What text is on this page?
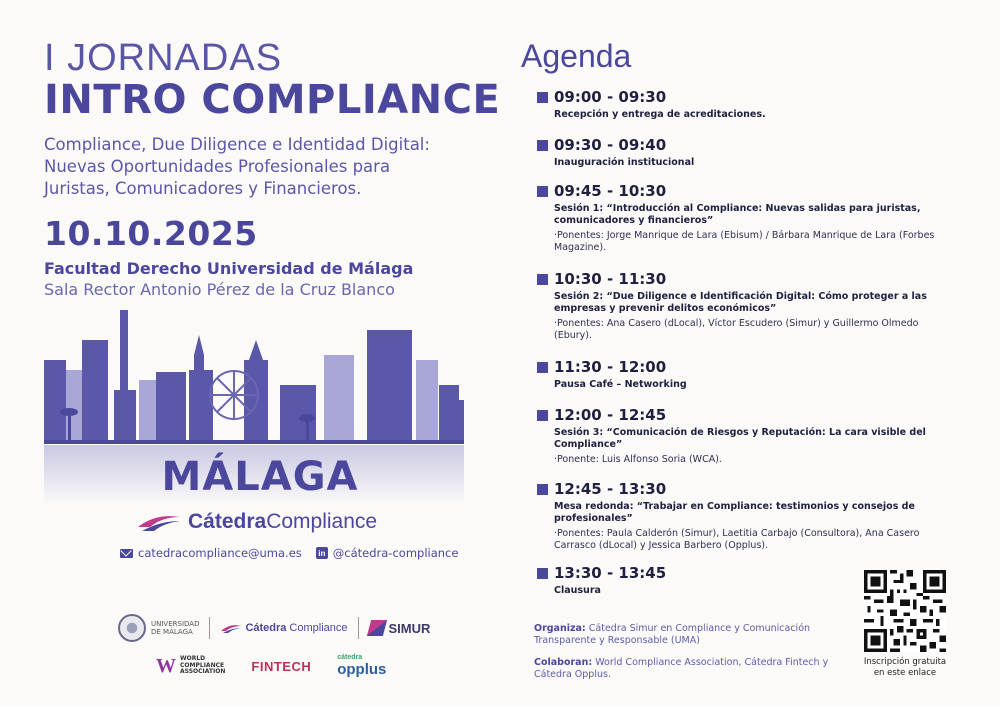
I JORNADAS
INTRO COMPLIANCE
Compliance, Due Diligence e Identidad Digital:
Nuevas Oportunidades Profesionales para
Juristas, Comunicadores y Financieros.
10.10.2025
Facultad Derecho Universidad de Málaga
Sala Rector Antonio Pérez de la Cruz Blanco
MÁLAGA
CátedraCompliance
catedracompliance@uma.es	in @cátedra-compliance
UNIVERSIDAD
DE MÁLAGA	Cátedra Compliance	SIMUR
W WORLD
COMPLIANCE
ASSOCIATION FINTECH
cátedra
opplus
Agenda
09:00 - 09:30
Recepción y entrega de acreditaciones.
09:30 - 09:40
Inauguración institucional
09:45 - 10:30
Sesión 1: “Introducción al Compliance: Nuevas salidas para juristas, comunicadores y financieros”
·Ponentes: Jorge Manrique de Lara (Ebisum) / Bárbara Manrique de Lara (Forbes Magazine).
10:30 - 11:30
Sesión 2: “Due Diligence e Identificación Digital: Cómo proteger a las empresas y prevenir delitos económicos”
·Ponentes: Ana Casero (dLocal), Víctor Escudero (Simur) y Guillermo Olmedo (Ebury).
11:30 - 12:00
Pausa Café – Networking
12:00 - 12:45
Sesión 3: “Comunicación de Riesgos y Reputación: La cara visible del Compliance”
·Ponente: Luis Alfonso Soria (WCA).
12:45 - 13:30
Mesa redonda: “Trabajar en Compliance: testimonios y consejos de profesionales”
·Ponentes: Paula Calderón (Simur), Laetitia Carbajo (Consultora), Ana Casero Carrasco (dLocal) y Jessica Barbero (Opplus).
13:30 - 13:45
Clausura
Organiza: Cátedra Simur en Compliance y Comunicación Transparente y Responsable (UMA)
Colaboran: World Compliance Association, Cátedra Fintech y Cátedra Opplus.
Inscripción gratuita
en este enlace
